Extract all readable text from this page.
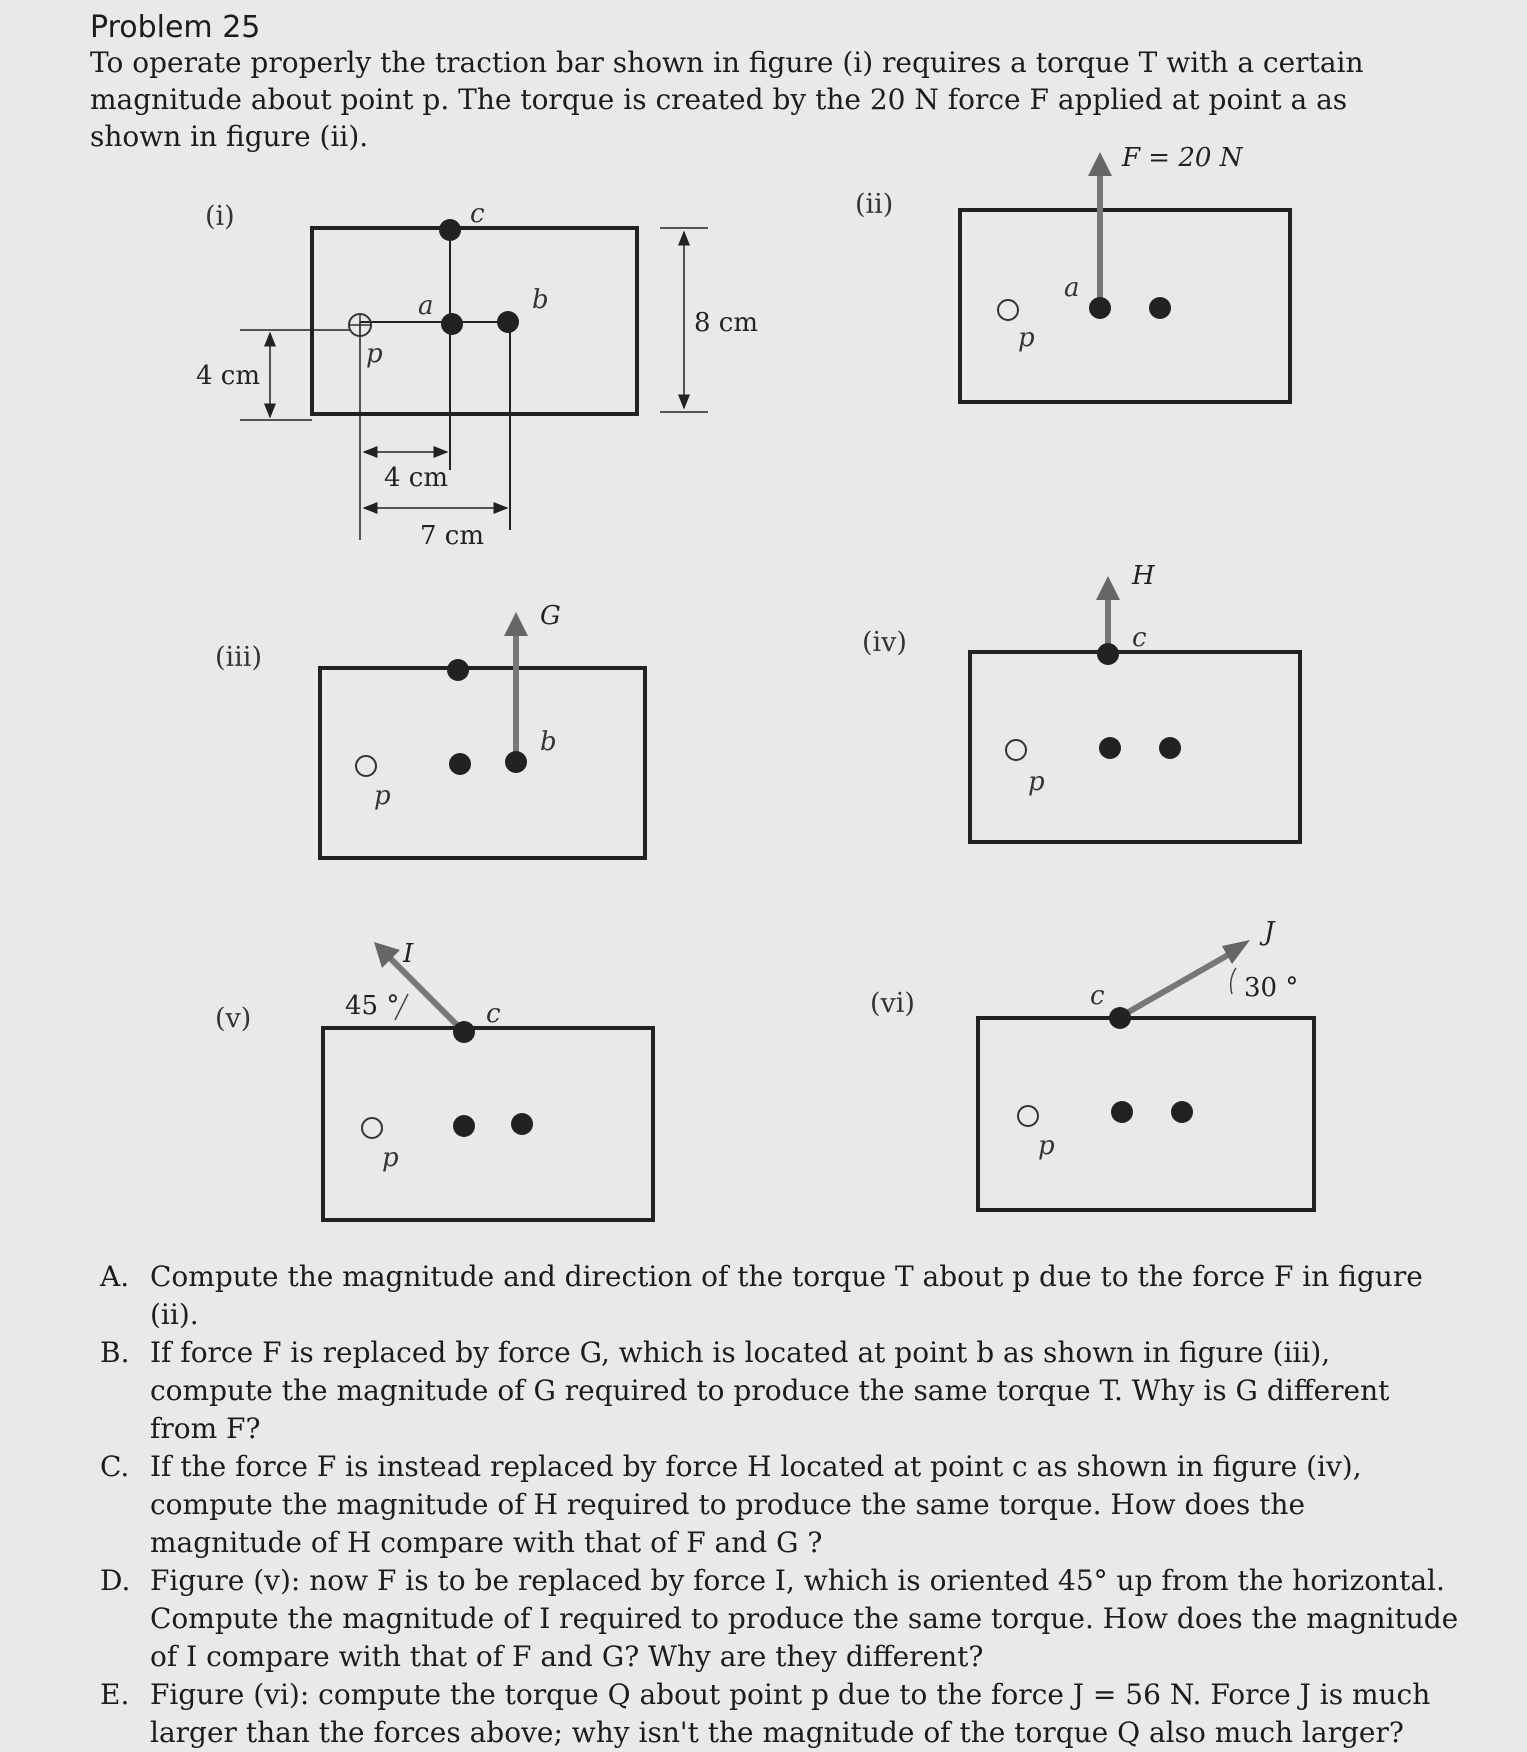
Problem 25
To operate properly the traction bar shown in figure (i) requires a torque T with a certain magnitude about point p. The torque is created by the 20 N force F applied at point a as shown in figure (ii).
(i)
p
a	b
c
4 cm
8 cm
4 cm
7 cm
(ii)
p
a
F = 20 N
(iii)
p
b
G
(iv)
p
c
H
(v)
p
c
I
45 °	(vi)
p
c
J
30 °
A. Compute the magnitude and direction of the torque T about p due to the force F in figure (ii).
B. If force F is replaced by force G, which is located at point b as shown in figure (iii), compute the magnitude of G required to produce the same torque T. Why is G different from F?
C. If the force F is instead replaced by force H located at point c as shown in figure (iv), compute the magnitude of H required to produce the same torque. How does the magnitude of H compare with that of F and G ?
D. Figure (v): now F is to be replaced by force I, which is oriented 45° up from the horizontal. Compute the magnitude of I required to produce the same torque. How does the magnitude of I compare with that of F and G? Why are they different?
E. Figure (vi): compute the torque Q about point p due to the force J = 56 N. Force J is much larger than the forces above; why isn't the magnitude of the torque Q also much larger?
